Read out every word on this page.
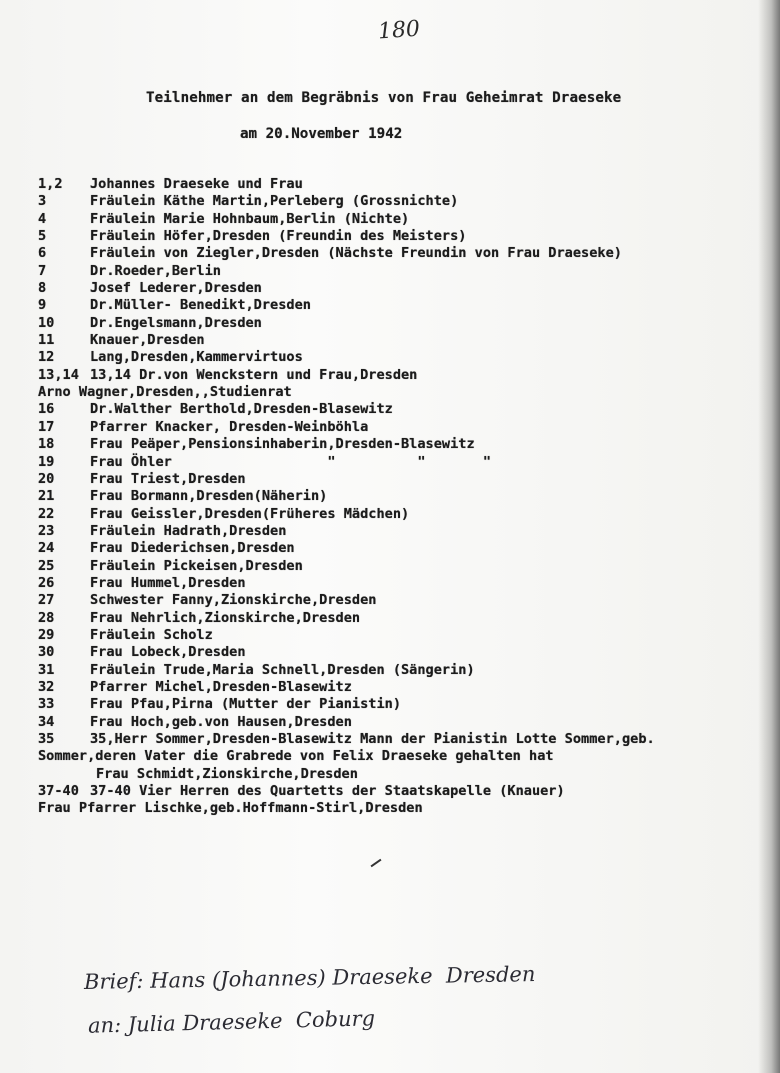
180
Teilnehmer an dem Begräbnis von Frau Geheimrat Draeseke
am 20.November 1942
1,2 Johannes Draeseke und Frau
3	Fräulein Käthe Martin,Perleberg (Grossnichte)
4	Fräulein Marie Hohnbaum,Berlin (Nichte)
5	Fräulein Höfer,Dresden (Freundin des Meisters)
6	Fräulein von Ziegler,Dresden (Nächste Freundin von Frau Draeseke)
7	Dr.Roeder,Berlin
8	Josef Lederer,Dresden
9	Dr.Müller- Benedikt,Dresden
10	Dr.Engelsmann,Dresden
11	Knauer,Dresden
12	Lang,Dresden,Kammervirtuos
13,14 13,14 Dr.von Wenckstern und Frau,Dresden
Arno Wagner,Dresden,,Studienrat
16	Dr.Walther Berthold,Dresden-Blasewitz
17	Pfarrer Knacker, Dresden-Weinböhla
18	Frau Peäper,Pensionsinhaberin,Dresden-Blasewitz
19	Frau Öhler                   "          "       "
20	Frau Triest,Dresden
21	Frau Bormann,Dresden(Näherin)
22	Frau Geissler,Dresden(Früheres Mädchen)
23	Fräulein Hadrath,Dresden
24	Frau Diederichsen,Dresden
25	Fräulein Pickeisen,Dresden
26	Frau Hummel,Dresden
27	Schwester Fanny,Zionskirche,Dresden
28	Frau Nehrlich,Zionskirche,Dresden
29	Fräulein Scholz
30	Frau Lobeck,Dresden
31	Fräulein Trude,Maria Schnell,Dresden (Sängerin)
32	Pfarrer Michel,Dresden-Blasewitz
33	Frau Pfau,Pirna (Mutter der Pianistin)
34	Frau Hoch,geb.von Hausen,Dresden
35	35,Herr Sommer,Dresden-Blasewitz Mann der Pianistin Lotte Sommer,geb.
Sommer,deren Vater die Grabrede von Felix Draeseke gehalten hat
Frau Schmidt,Zionskirche,Dresden
37-40 37-40 Vier Herren des Quartetts der Staatskapelle (Knauer)
Frau Pfarrer Lischke,geb.Hoffmann-Stirl,Dresden
Brief: Hans (Johannes) Draeseke  Dresden
an: Julia Draeseke  Coburg
